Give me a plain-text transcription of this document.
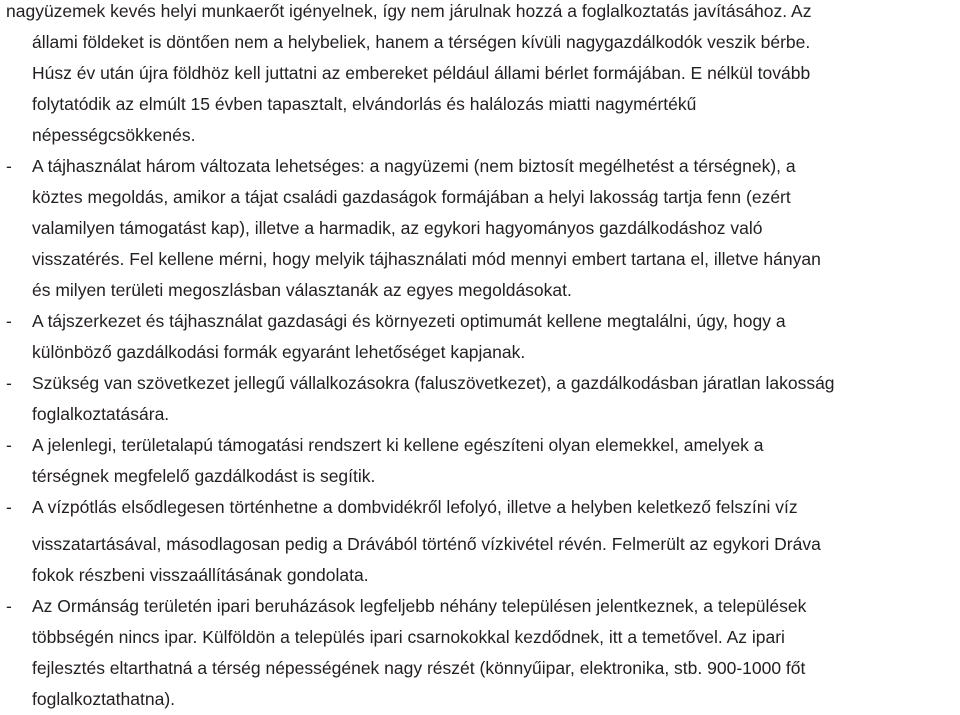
nagyüzemek kevés helyi munkaerőt igényelnek, így nem járulnak hozzá a foglalkoztatás javításához. Az
állami földeket is döntően nem a helybeliek, hanem a térségen kívüli nagygazdálkodók veszik bérbe.
Húsz év után újra földhöz kell juttatni az embereket például állami bérlet formájában. E nélkül tovább
folytatódik az elmúlt 15 évben tapasztalt, elvándorlás és halálozás miatti nagymértékű
népességcsökkenés.
- A tájhasználat három változata lehetséges: a nagyüzemi (nem biztosít megélhetést a térségnek), a
köztes megoldás, amikor a tájat családi gazdaságok formájában a helyi lakosság tartja fenn (ezért
valamilyen támogatást kap), illetve a harmadik, az egykori hagyományos gazdálkodáshoz való
visszatérés. Fel kellene mérni, hogy melyik tájhasználati mód mennyi embert tartana el, illetve hányan
és milyen területi megoszlásban választanák az egyes megoldásokat.
- A tájszerkezet és tájhasználat gazdasági és környezeti optimumát kellene megtalálni, úgy, hogy a
különböző gazdálkodási formák egyaránt lehetőséget kapjanak.
- Szükség van szövetkezet jellegű vállalkozásokra (faluszövetkezet), a gazdálkodásban járatlan lakosság
foglalkoztatására.
- A jelenlegi, területalapú támogatási rendszert ki kellene egészíteni olyan elemekkel, amelyek a
térségnek megfelelő gazdálkodást is segítik.
- A vízpótlás elsődlegesen történhetne a dombvidékről lefolyó, illetve a helyben keletkező felszíni víz
visszatartásával, másodlagosan pedig a Drávából történő vízkivétel révén. Felmerült az egykori Dráva
fokok részbeni visszaállításának gondolata.
- Az Ormánság területén ipari beruházások legfeljebb néhány településen jelentkeznek, a települések
többségén nincs ipar. Külföldön a település ipari csarnokokkal kezdődnek, itt a temetővel. Az ipari
fejlesztés eltarthatná a térség népességének nagy részét (könnyűipar, elektronika, stb. 900-1000 főt
foglalkoztathatna).
